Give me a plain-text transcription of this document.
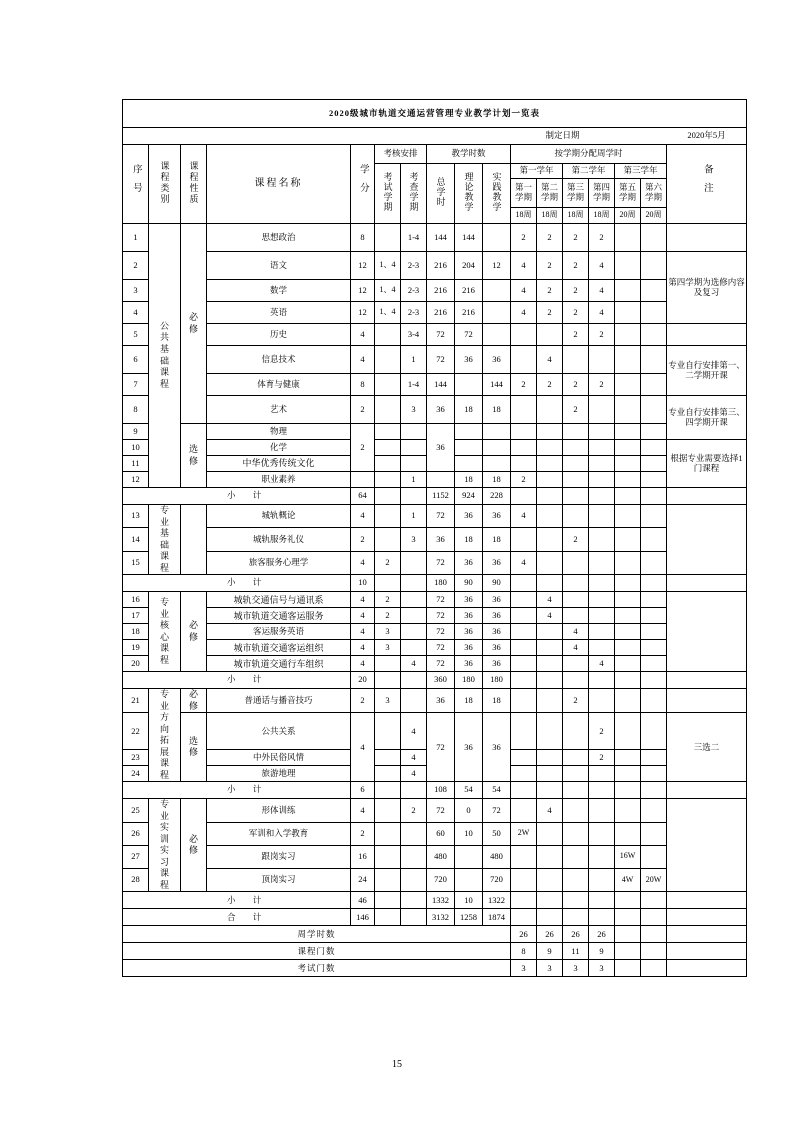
2020级城市轨道交通运营管理专业教学计划一览表																	
										制定日期						2020年5月	
序号	课程类别	课程性质	课程名称	学分	考核安排		教学时数			按学期分配周学时						备注	
					考试学期	考查学期	总学时	理论教学	实践教学	第一学年		第二学年		第三学年			
										第一学期	第二学期	第三学期	第四学期	第五学期	第六学期		
										18周	18周	18周	18周	20周	20周		
1	公共基础课程	必修	思想政治	8		1-4	144	144		2	2	2	2				
2			语文	12	1、4	2-3	216	204	12	4	2	2	4			第四学期为选修内容及复习	
3			数学	12	1、4	2-3	216	216		4	2	2	4				
4			英语	12	1、4	2-3	216	216		4	2	2	4				
5			历史	4		3-4	72	72				2	2				
6			信息技术	4		1	72	36	36		4					专业自行安排第一、二学期开课	
7			体育与健康	8		1-4	144		144	2	2	2	2				
8			艺术	2		3	36	18	18			2				专业自行安排第三、四学期开课	
9		选修	物理	2			36										
10			化学													根据专业需要选择1门课程	
11			中华优秀传统文化														
12			职业素养			1		18	18	2							
小 计				64			1152	924	228								
13	专业基础课程		城轨概论	4		1	72	36	36	4							
14			城轨服务礼仪	2		3	36	18	18			2					
15			旅客服务心理学	4	2		72	36	36	4							
小 计				10			180	90	90								
16	专业核心课程	必修	城轨交通信号与通讯系	4	2		72	36	36		4						
17			城市轨道交通客运服务	4	2		72	36	36		4						
18			客运服务英语	4	3		72	36	36			4					
19			城市轨道交通客运组织	4	3		72	36	36			4					
20			城市轨道交通行车组织	4		4	72	36	36				4				
小 计				20			360	180	180								
21	专业方向拓展课程	必修	普通话与播音技巧	2	3		36	18	18			2					
22		选修	公共关系	4		4	72	36	36				2			三选二	
23			中外民俗风情			4							2				
24			旅游地理			4											
小 计				6			108	54	54								
25	专业实训实习课程	必修	形体训练	4		2	72	0	72		4						
26			军训和入学教育	2			60	10	50	2W							
27			跟岗实习	16			480		480					16W			
28			顶岗实习	24			720		720					4W	20W		
小 计				46			1332	10	1322								
合 计				146			3132	1258	1874								
周学时数										26	26	26	26				
课程门数										8	9	11	9				
考试门数										3	3	3	3				
15
